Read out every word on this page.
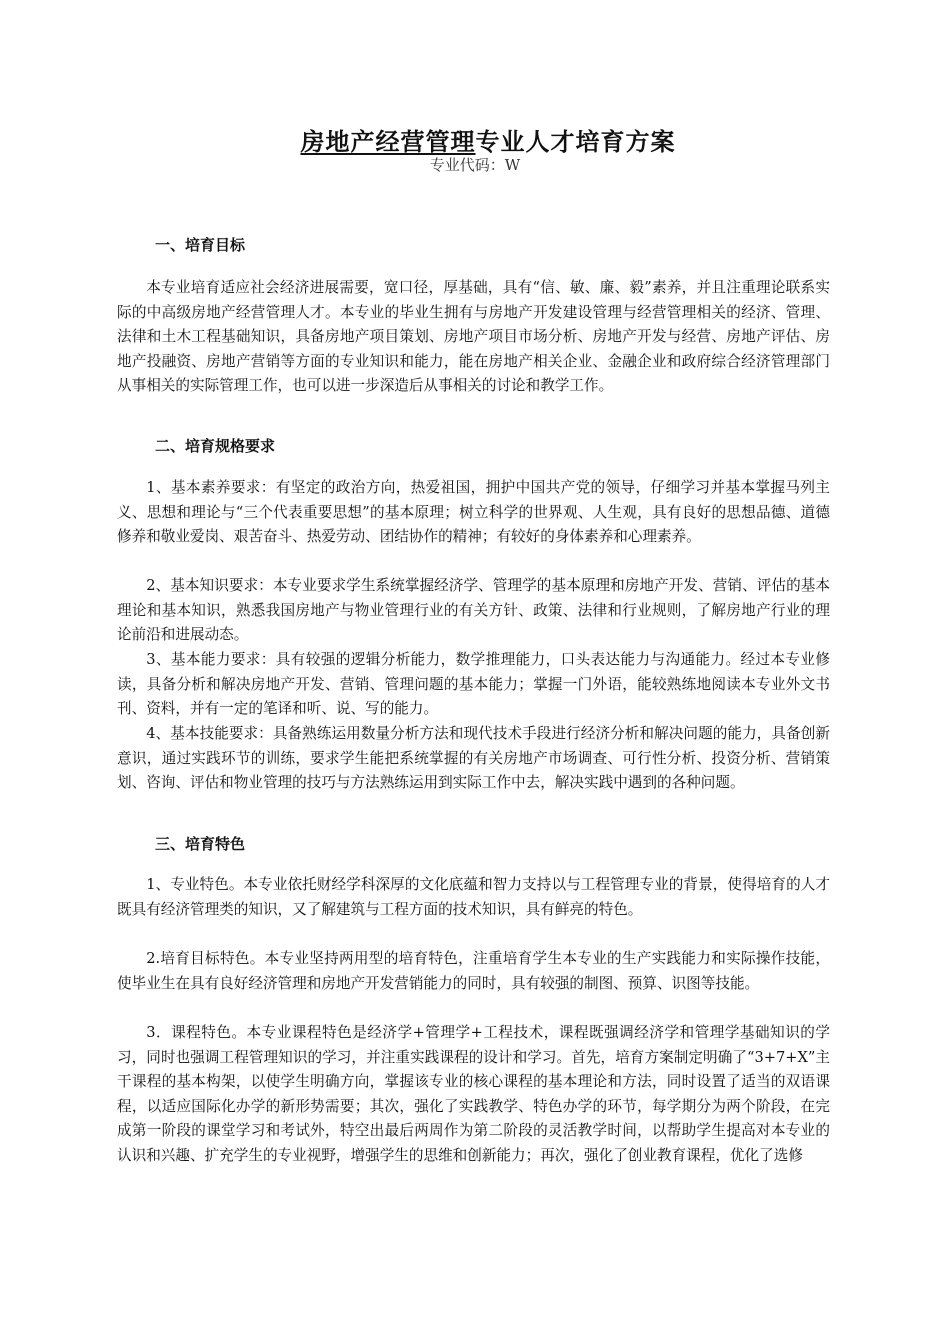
房地产经营管理专业人才培育方案
专业代码：W
一、培育目标

本专业培育适应社会经济进展需要，宽口径，厚基础，具有“信、敏、廉、毅”素养，并且注重理论联系实际的中高级房地产经营管理人才。本专业的毕业生拥有与房地产开发建设管理与经营管理相关的经济、管理、法律和土木工程基础知识，具备房地产项目策划、房地产项目市场分析、房地产开发与经营、房地产评估、房地产投融资、房地产营销等方面的专业知识和能力，能在房地产相关企业、金融企业和政府综合经济管理部门从事相关的实际管理工作，也可以进一步深造后从事相关的讨论和教学工作。

二、培育规格要求

1、基本素养要求：有坚定的政治方向，热爱祖国，拥护中国共产党的领导，仔细学习并基本掌握马列主义、思想和理论与“三个代表重要思想”的基本原理；树立科学的世界观、人生观，具有良好的思想品德、道德修养和敬业爱岗、艰苦奋斗、热爱劳动、团结协作的精神；有较好的身体素养和心理素养。

2、基本知识要求：本专业要求学生系统掌握经济学、管理学的基本原理和房地产开发、营销、评估的基本理论和基本知识，熟悉我国房地产与物业管理行业的有关方针、政策、法律和行业规则，了解房地产行业的理论前沿和进展动态。

3、基本能力要求：具有较强的逻辑分析能力，数学推理能力，口头表达能力与沟通能力。经过本专业修读，具备分析和解决房地产开发、营销、管理问题的基本能力；掌握一门外语，能较熟练地阅读本专业外文书刊、资料，并有一定的笔译和听、说、写的能力。

4、基本技能要求：具备熟练运用数量分析方法和现代技术手段进行经济分析和解决问题的能力，具备创新意识，通过实践环节的训练，要求学生能把系统掌握的有关房地产市场调查、可行性分析、投资分析、营销策划、咨询、评估和物业管理的技巧与方法熟练运用到实际工作中去，解决实践中遇到的各种问题。

三、培育特色

1、专业特色。本专业依托财经学科深厚的文化底蕴和智力支持以与工程管理专业的背景，使得培育的人才既具有经济管理类的知识，又了解建筑与工程方面的技术知识，具有鲜亮的特色。

2.培育目标特色。本专业坚持两用型的培育特色，注重培育学生本专业的生产实践能力和实际操作技能，使毕业生在具有良好经济管理和房地产开发营销能力的同时，具有较强的制图、预算、识图等技能。

3．课程特色。本专业课程特色是经济学+管理学+工程技术，课程既强调经济学和管理学基础知识的学习，同时也强调工程管理知识的学习，并注重实践课程的设计和学习。首先，培育方案制定明确了“3+7+X”主干课程的基本构架，以使学生明确方向，掌握该专业的核心课程的基本理论和方法，同时设置了适当的双语课程，以适应国际化办学的新形势需要；其次，强化了实践教学、特色办学的环节，每学期分为两个阶段，在完成第一阶段的课堂学习和考试外，特空出最后两周作为第二阶段的灵活教学时间，以帮助学生提高对本专业的认识和兴趣、扩充学生的专业视野，增强学生的思维和创新能力；再次，强化了创业教育课程，优化了选修
